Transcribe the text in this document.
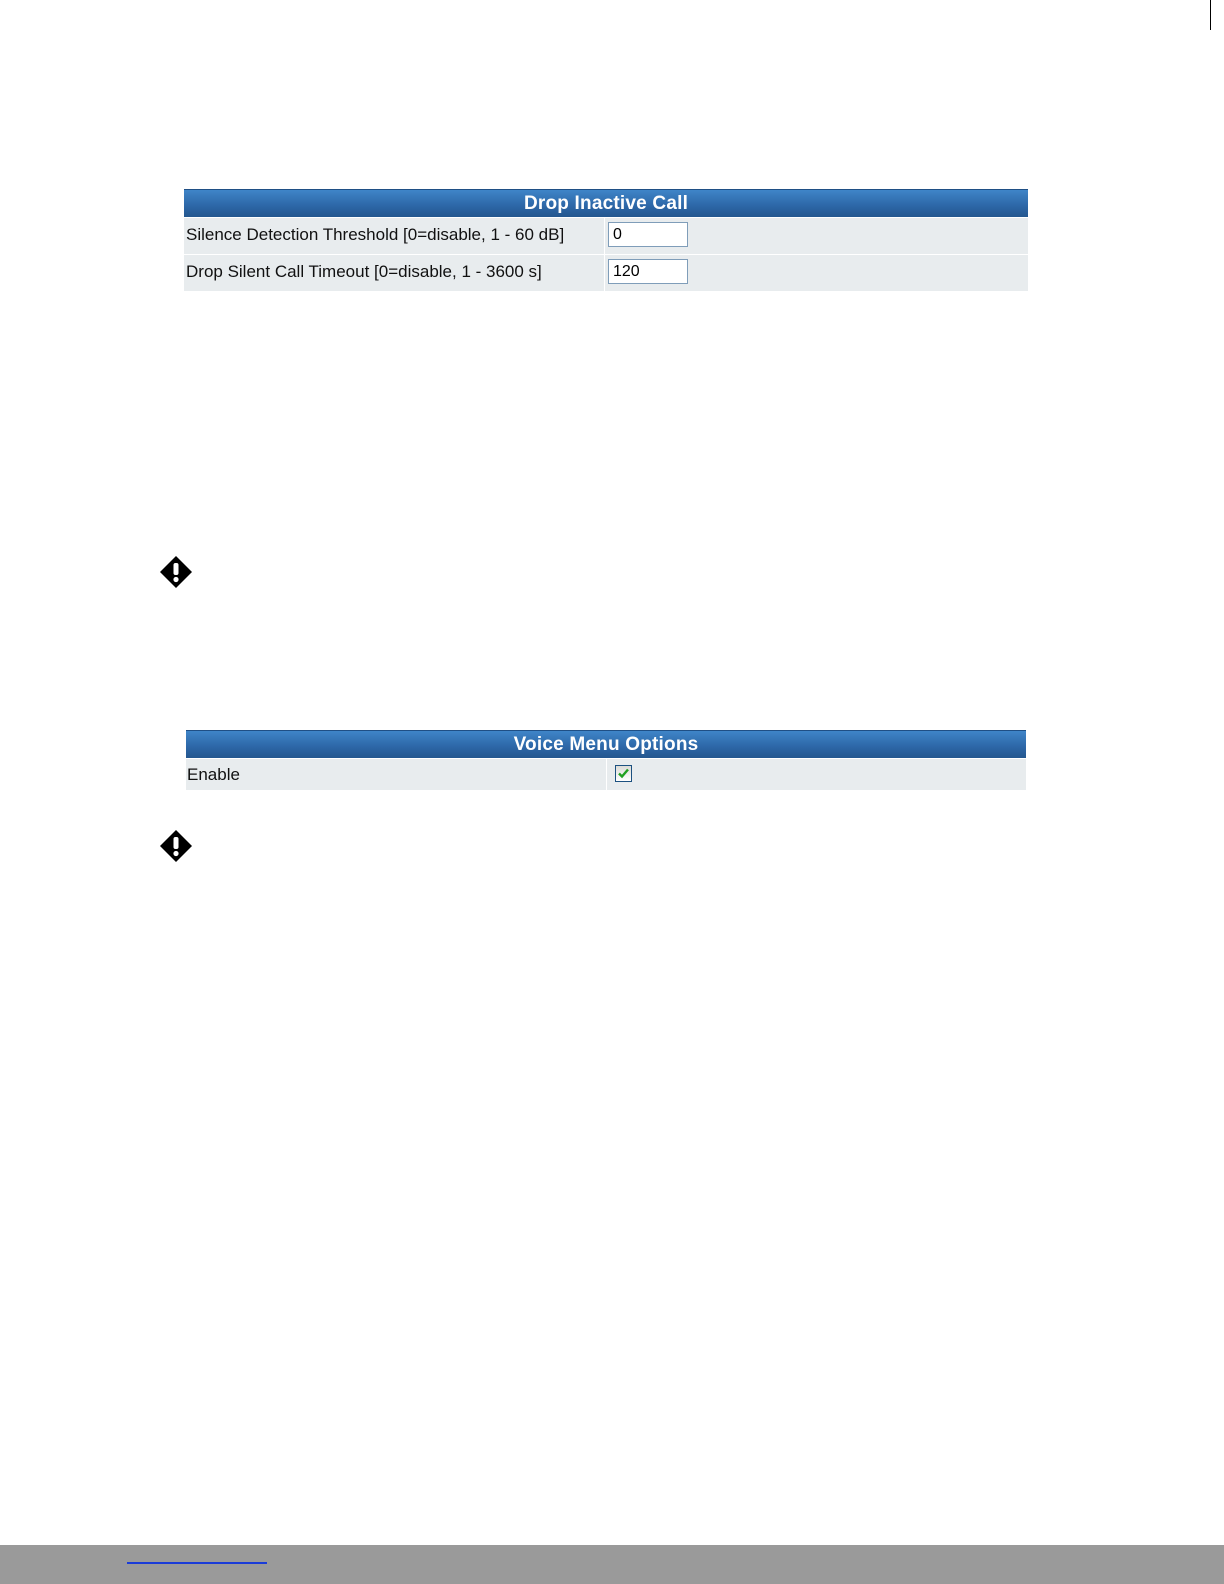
Drop Inactive Call
Silence Detection Threshold [0=disable, 1 - 60 dB]
0
Drop Silent Call Timeout [0=disable, 1 - 3600 s]
120
Voice Menu Options
Enable
